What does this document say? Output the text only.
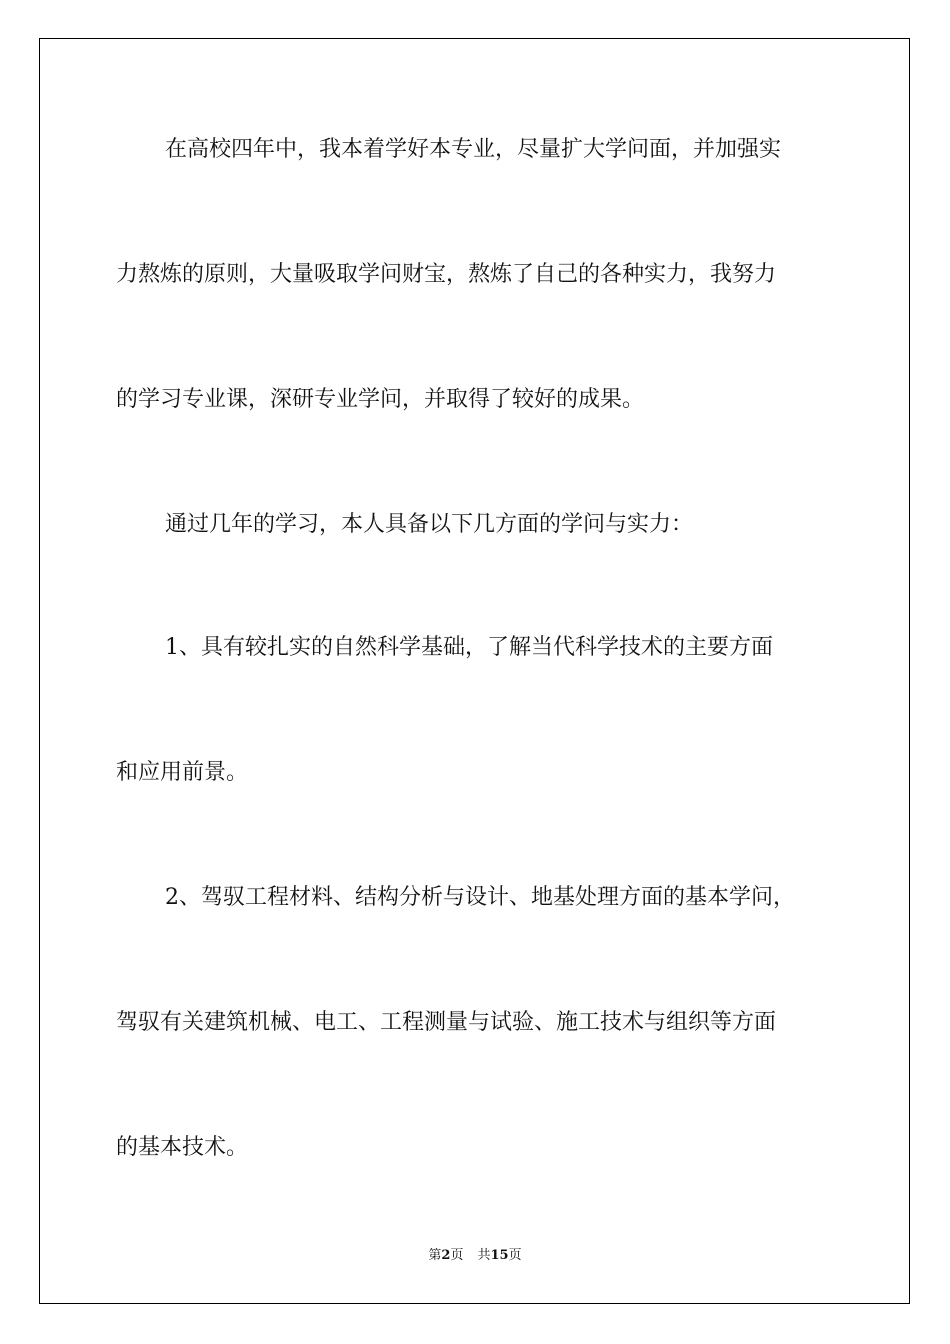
在高校四年中，我本着学好本专业，尽量扩大学问面，并加强实

力熬炼的原则，大量吸取学问财宝，熬炼了自己的各种实力，我努力

的学习专业课，深研专业学问，并取得了较好的成果。

通过几年的学习，本人具备以下几方面的学问与实力：

1、具有较扎实的自然科学基础，了解当代科学技术的主要方面

和应用前景。

2、驾驭工程材料、结构分析与设计、地基处理方面的基本学问，

驾驭有关建筑机械、电工、工程测量与试验、施工技术与组织等方面

的基本技术。

第2页 共15页
